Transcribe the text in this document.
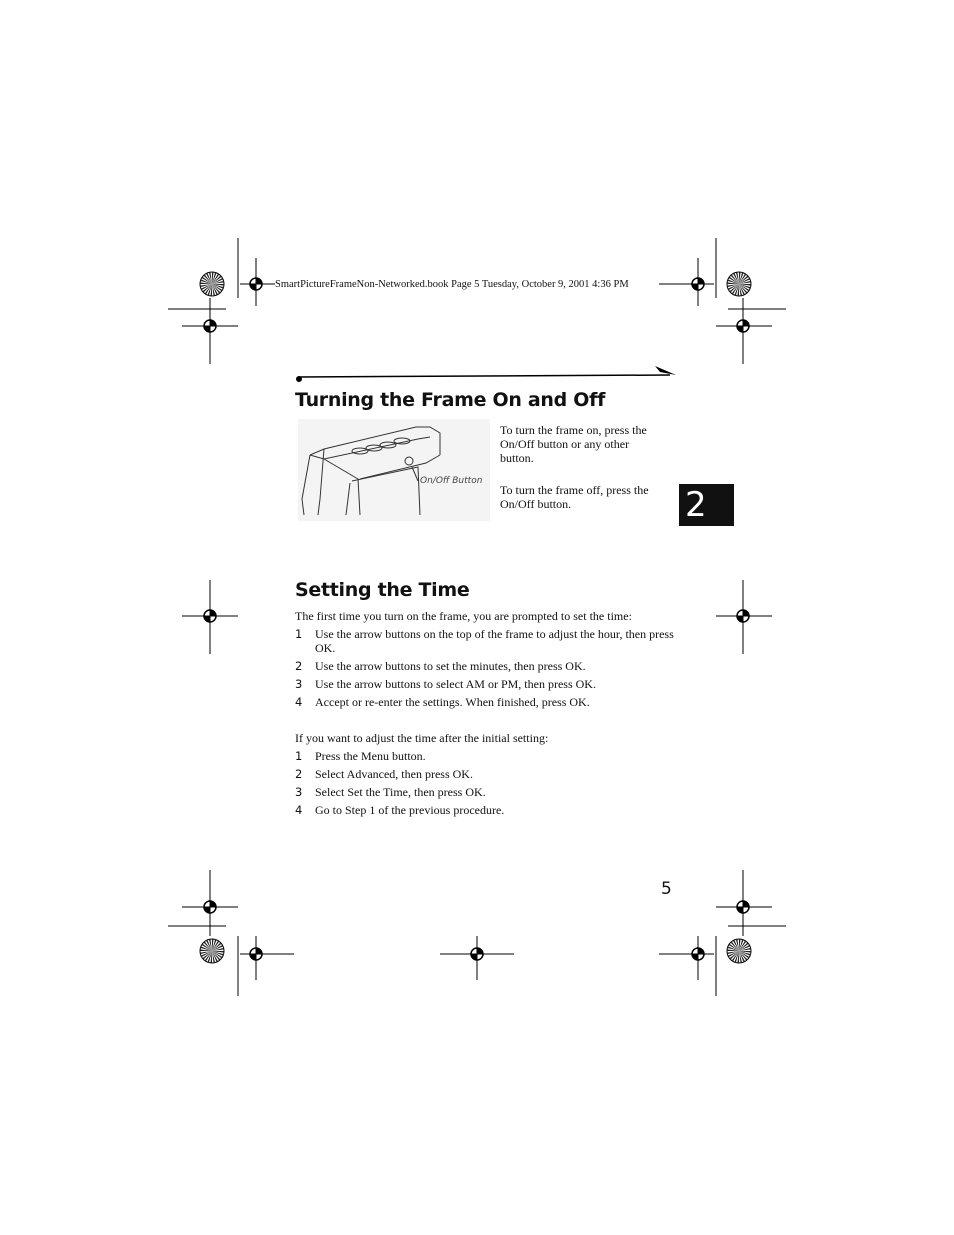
SmartPictureFrameNon-Networked.book Page 5 Tuesday, October 9, 2001 4:36 PM
2
Turning the Frame On and Off
On/Off Button
To turn the frame on, press the
On/Off button or any other
button.
To turn the frame off, press the
On/Off button.
Setting the Time
The first time you turn on the frame, you are prompted to set the time:
1	Use the arrow buttons on the top of the frame to adjust the hour, then press
OK.
2	Use the arrow buttons to set the minutes, then press OK.
3	Use the arrow buttons to select AM or PM, then press OK.
4	Accept or re-enter the settings. When finished, press OK.
If you want to adjust the time after the initial setting:
1	Press the Menu button.
2	Select Advanced, then press OK.
3	Select Set the Time, then press OK.
4	Go to Step 1 of the previous procedure.
5
